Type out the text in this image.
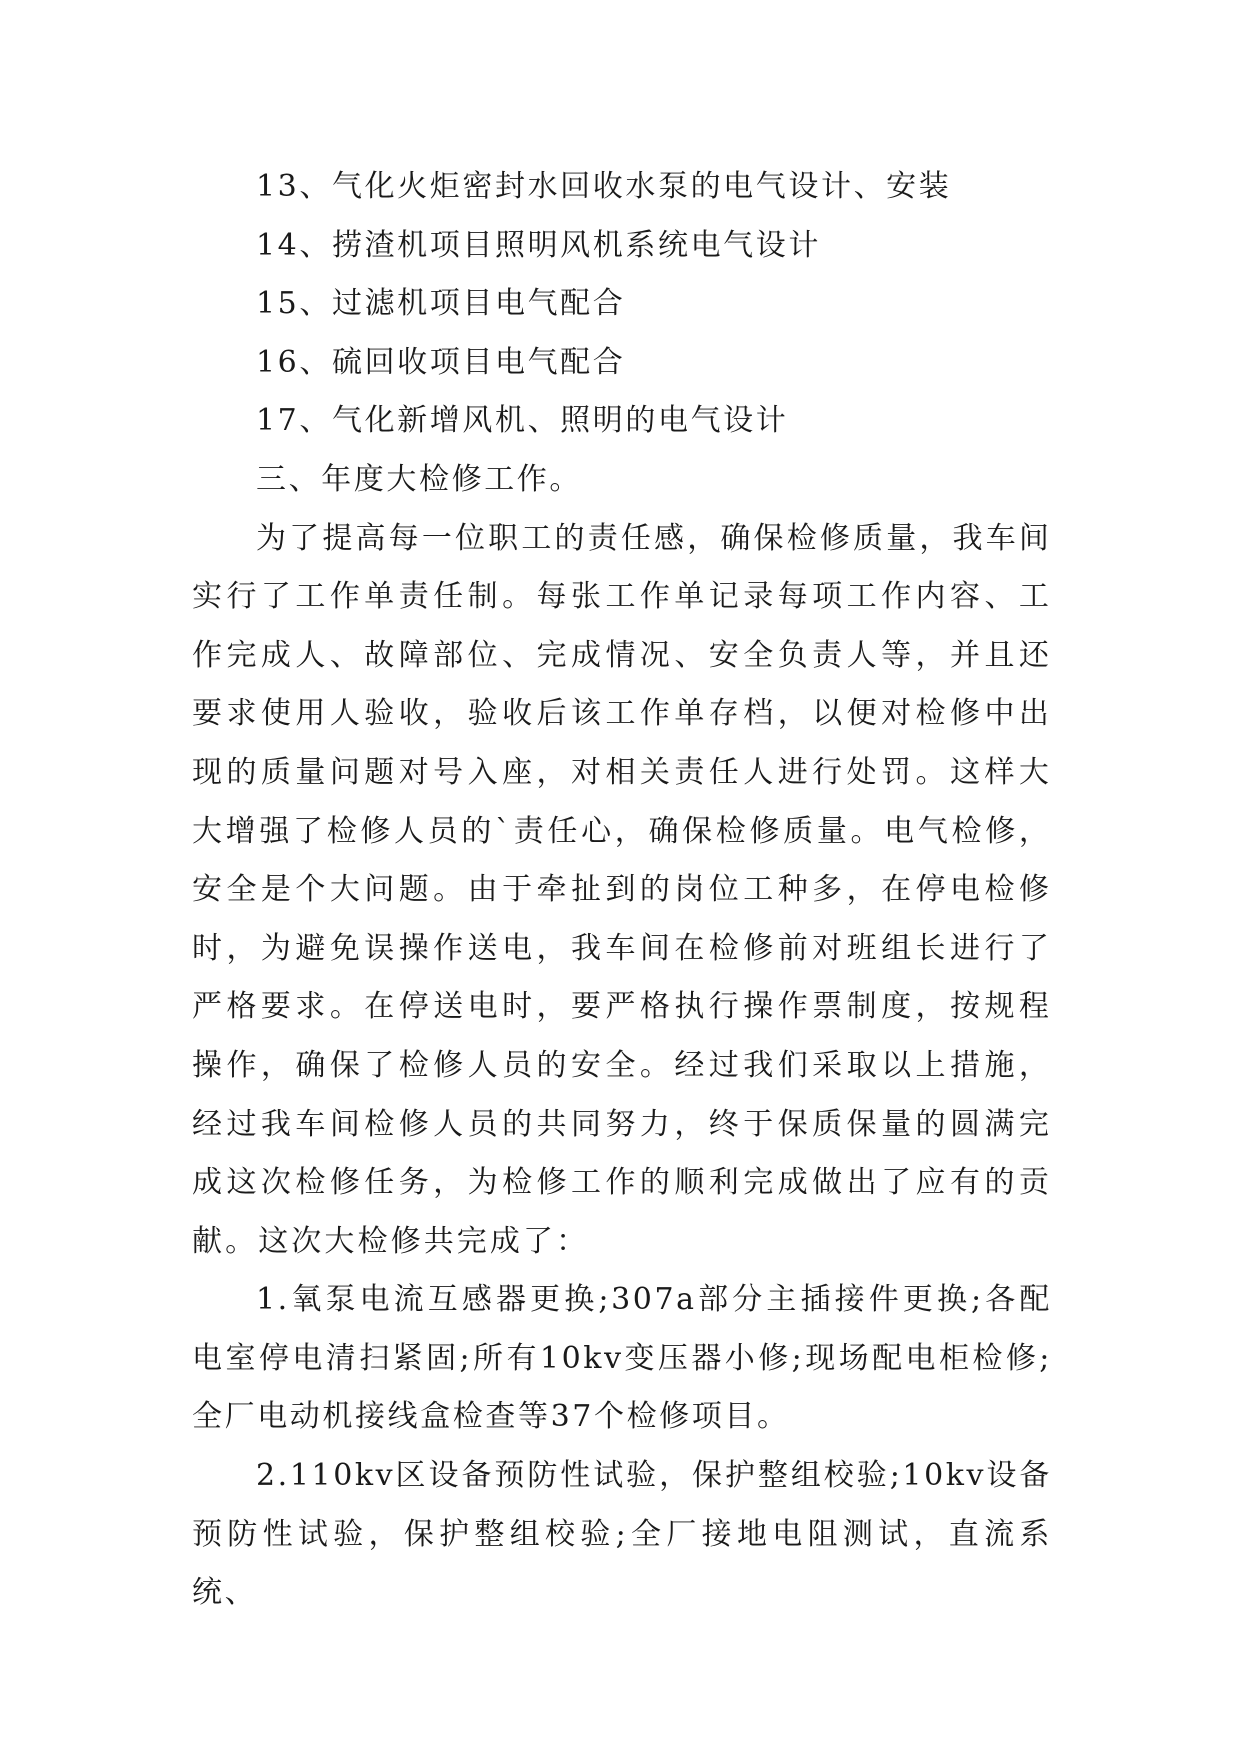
13、气化火炬密封水回收水泵的电气设计、安装

14、捞渣机项目照明风机系统电气设计

15、过滤机项目电气配合

16、硫回收项目电气配合

17、气化新增风机、照明的电气设计

三、年度大检修工作。

为了提高每一位职工的责任感，确保检修质量，我车间实行了工作单责任制。每张工作单记录每项工作内容、工作完成人、故障部位、完成情况、安全负责人等，并且还要求使用人验收，验收后该工作单存档，以便对检修中出现的质量问题对号入座，对相关责任人进行处罚。这样大大增强了检修人员的`责任心，确保检修质量。电气检修，安全是个大问题。由于牵扯到的岗位工种多，在停电检修时，为避免误操作送电，我车间在检修前对班组长进行了严格要求。在停送电时，要严格执行操作票制度，按规程操作，确保了检修人员的安全。经过我们采取以上措施，经过我车间检修人员的共同努力，终于保质保量的圆满完成这次检修任务，为检修工作的顺利完成做出了应有的贡献。这次大检修共完成了：

1.氧泵电流互感器更换;307a部分主插接件更换;各配电室停电清扫紧固;所有10kv变压器小修;现场配电柜检修;全厂电动机接线盒检查等37个检修项目。

2.110kv区设备预防性试验，保护整组校验;10kv设备预防性试验，保护整组校验;全厂接地电阻测试，直流系统、
